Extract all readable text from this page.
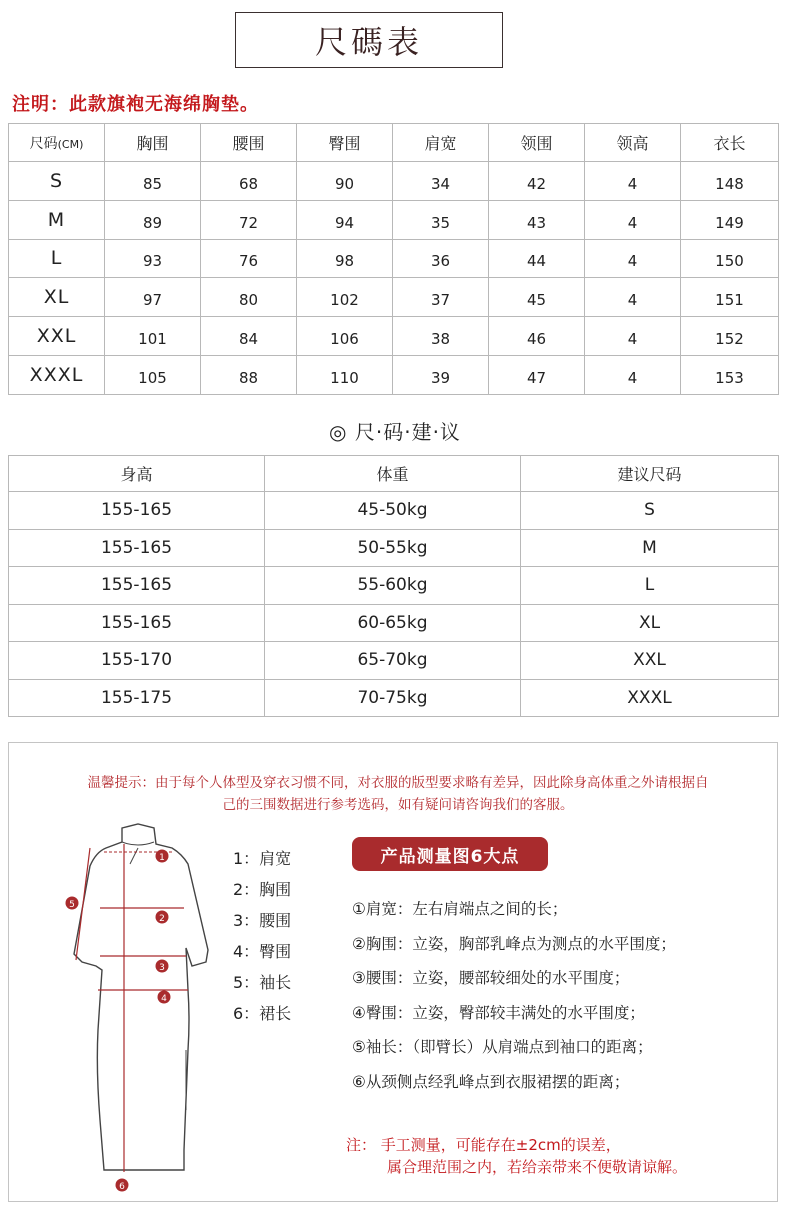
尺碼表
注明：此款旗袍无海绵胸垫。
尺码(CM)	胸围	腰围	臀围	肩宽	领围	领高	衣长
S	85	68	90	34	42	4	148
M	89	72	94	35	43	4	149
L	93	76	98	36	44	4	150
XL	97	80	102	37	45	4	151
XXL	101	84	106	38	46	4	152
XXXL	105	88	110	39	47	4	153
◎ 尺·码·建·议
身高	体重	建议尺码
155-165	45-50kg	S
155-165	50-55kg	M
155-165	55-60kg	L
155-165	60-65kg	XL
155-170	65-70kg	XXL
155-175	70-75kg	XXXL
温馨提示：由于每个人体型及穿衣习惯不同，对衣服的版型要求略有差异，因此除身高体重之外请根据自
己的三围数据进行参考选码，如有疑问请咨询我们的客服。
1
2
3
4
5
6
1：肩宽
2：胸围
3：腰围
4：臀围
5：袖长
6：裙长
产品测量图6大点
①肩宽：左右肩端点之间的长；
②胸围：立姿，胸部乳峰点为测点的水平围度；
③腰围：立姿，腰部较细处的水平围度；
④臀围：立姿，臀部较丰满处的水平围度；
⑤袖长：（即臂长）从肩端点到袖口的距离；
⑥从颈侧点经乳峰点到衣服裙摆的距离；
注： 手工测量，可能存在±2cm的误差，
属合理范围之内，若给亲带来不便敬请谅解。
